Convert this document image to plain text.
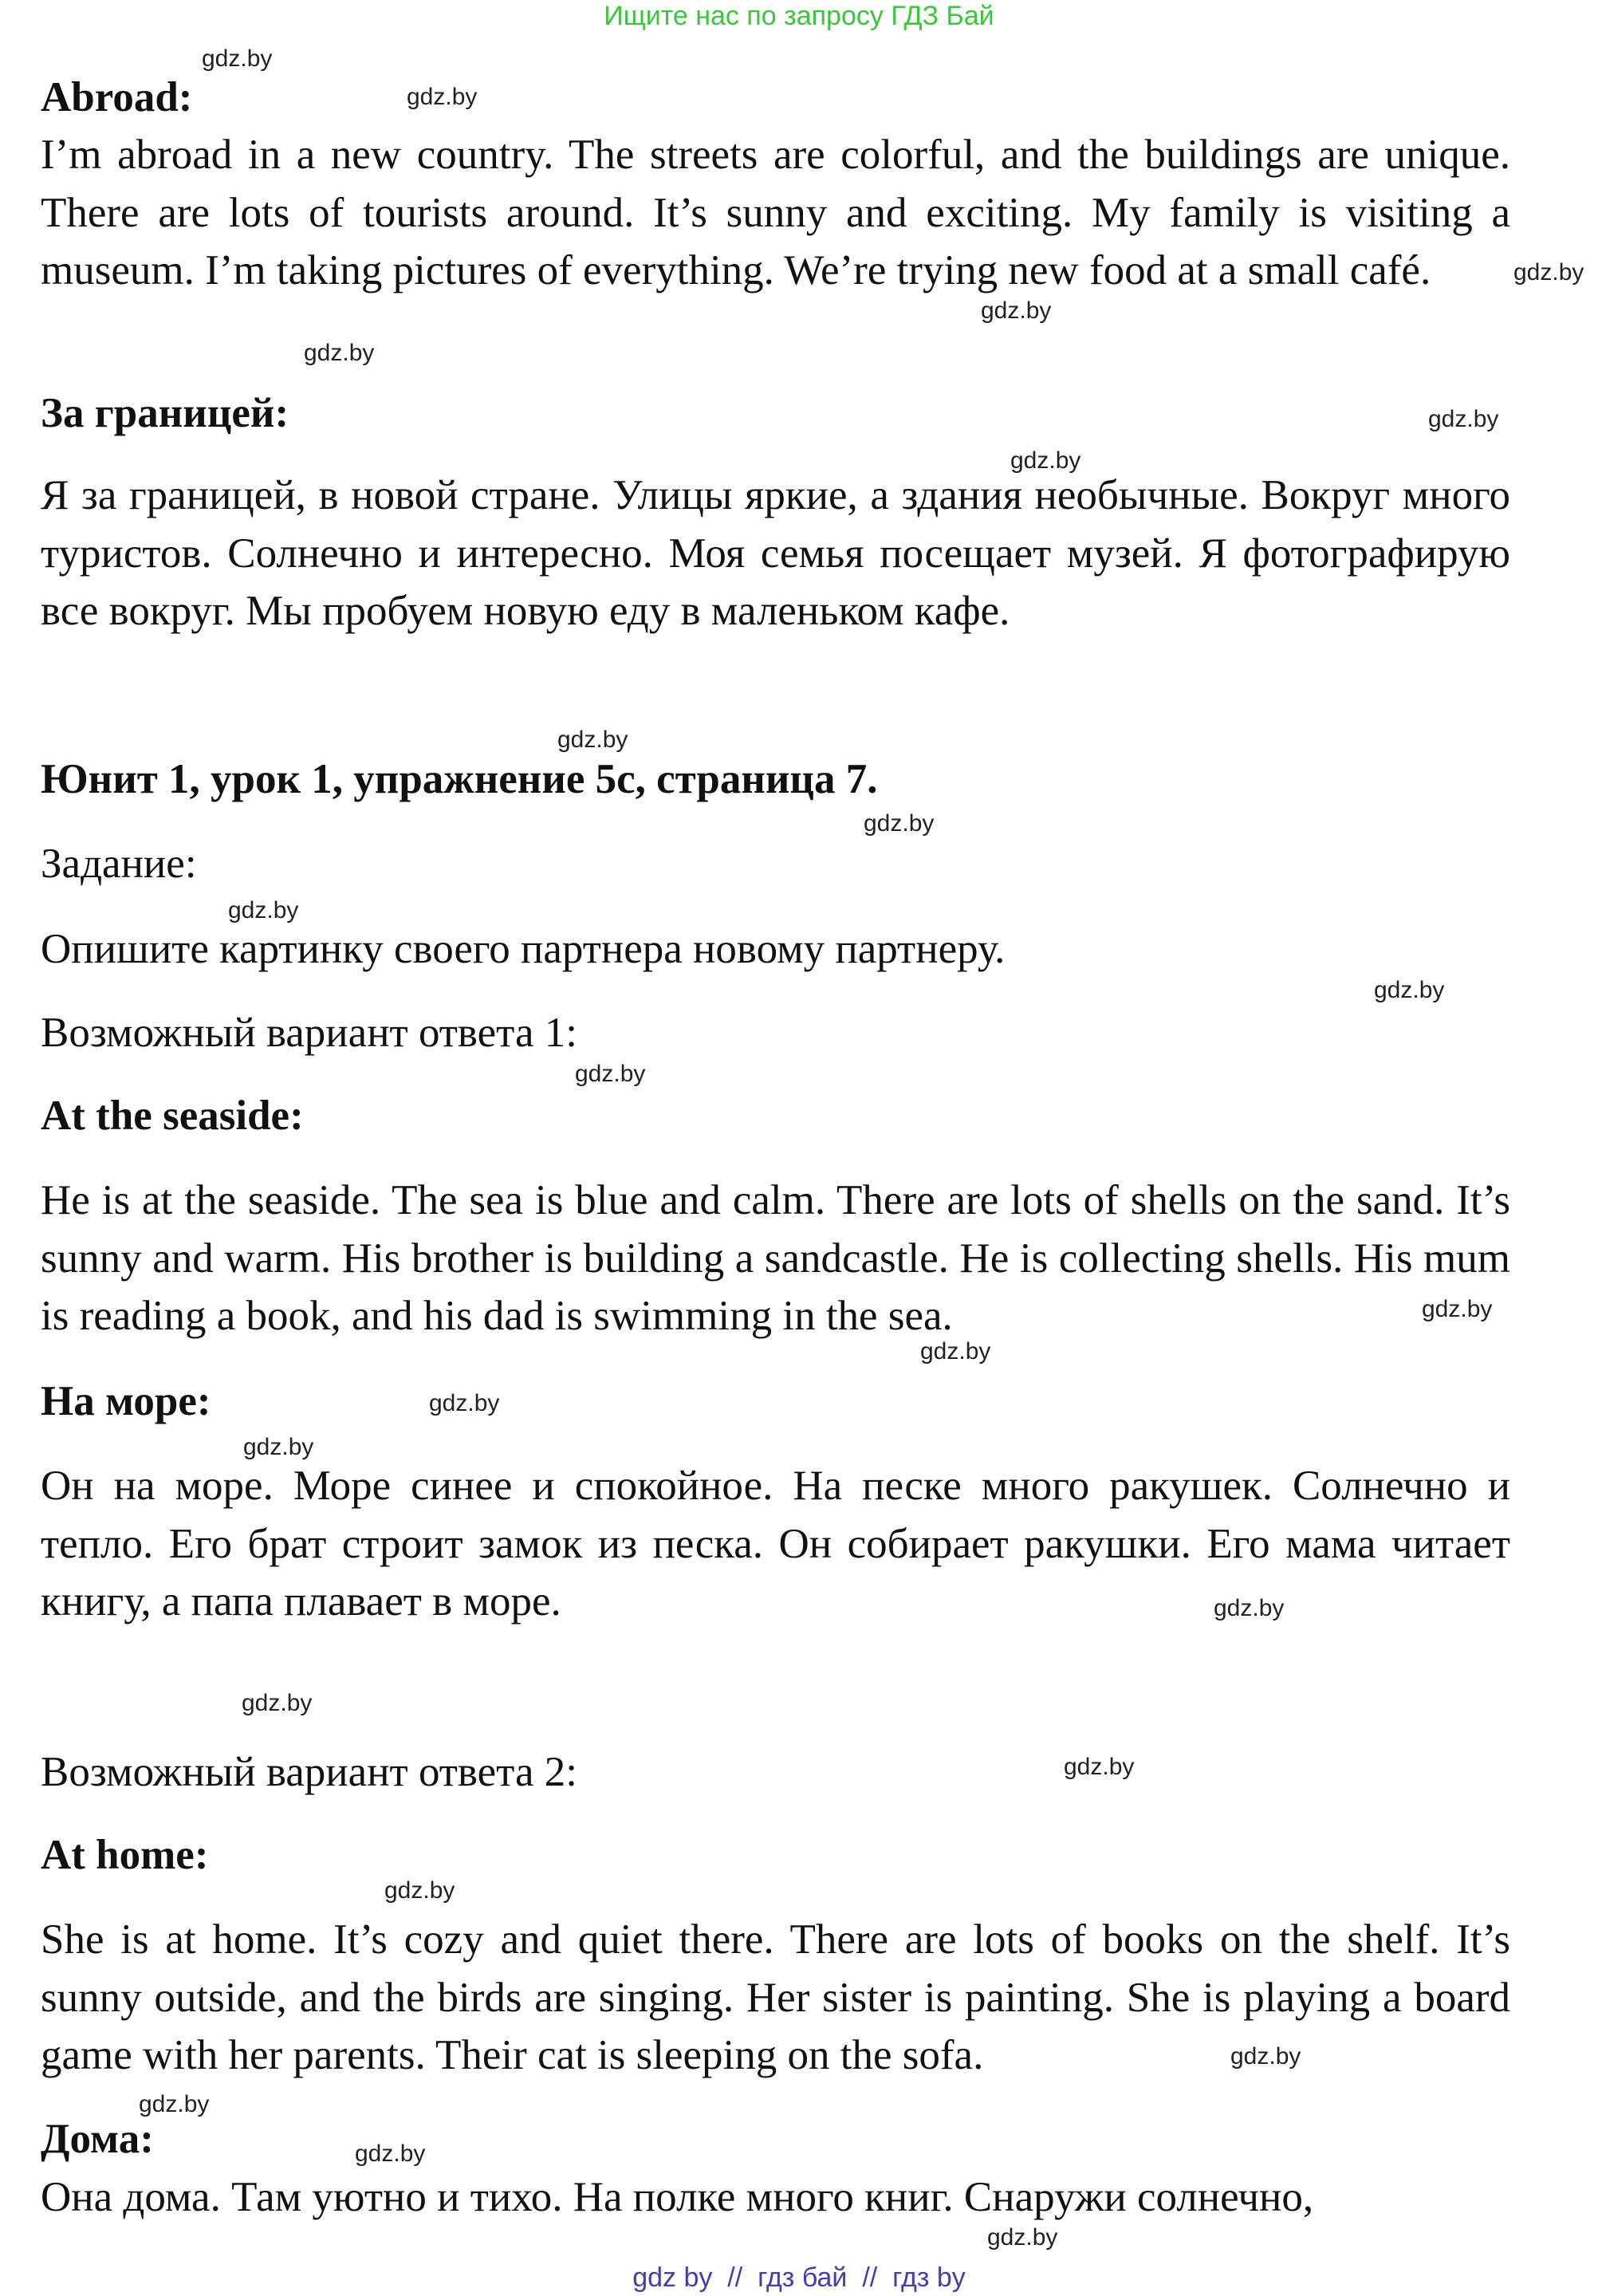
Ищите нас по запросу ГДЗ Бай
Abroad:
I’m abroad in a new country. The streets are colorful, and the buildings are unique. There are lots of tourists around. It’s sunny and exciting. My family is visiting a museum. I’m taking pictures of everything. We’re trying new food at a small café.
За границей:
Я за границей, в новой стране. Улицы яркие, а здания необычные. Вокруг много туристов. Солнечно и интересно. Моя семья посещает музей. Я фотографирую все вокруг. Мы пробуем новую еду в маленьком кафе.
Юнит 1, урок 1, упражнение 5с, страница 7.
Задание:
Опишите картинку своего партнера новому партнеру.
Возможный вариант ответа 1:
At the seaside:
He is at the seaside. The sea is blue and calm. There are lots of shells on the sand. It’s sunny and warm. His brother is building a sandcastle. He is collecting shells. His mum is reading a book, and his dad is swimming in the sea.
На море:
Он на море. Море синее и спокойное. На песке много ракушек. Солнечно и тепло. Его брат строит замок из песка. Он собирает ракушки. Его мама читает книгу, а папа плавает в море.
Возможный вариант ответа 2:
At home:
She is at home. It’s cozy and quiet there. There are lots of books on the shelf. It’s sunny outside, and the birds are singing. Her sister is painting. She is playing a board game with her parents. Their cat is sleeping on the sofa.
Дома:
Она дома. Там уютно и тихо. На полке много книг. Снаружи солнечно,
gdz.by
gdz.by
gdz.by
gdz.by
gdz.by
gdz.by
gdz.by
gdz.by
gdz.by
gdz.by
gdz.by
gdz.by
gdz.by
gdz.by
gdz.by
gdz.by
gdz.by
gdz.by
gdz.by
gdz.by
gdz.by
gdz.by
gdz.by
gdz.by
gdz by  //  гдз бай  //  гдз by
